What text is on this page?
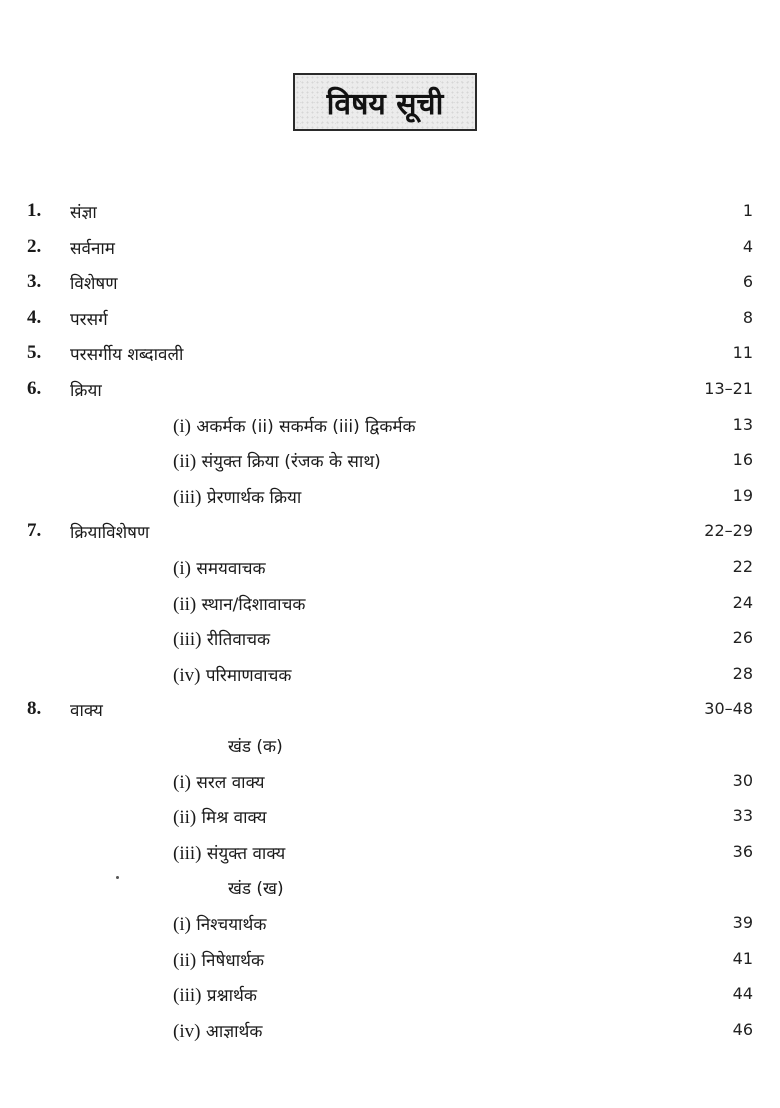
विषय सूची
1. संज्ञा	1
2. सर्वनाम	4
3. विशेषण	6
4. परसर्ग	8
5. परसर्गीय शब्दावली	11
6. क्रिया	13–21
(i) अकर्मक (ii) सकर्मक (iii) द्विकर्मक	13
(ii) संयुक्त क्रिया (रंजक के साथ)	16
(iii) प्रेरणार्थक क्रिया	19
7. क्रियाविशेषण	22–29
(i) समयवाचक	22
(ii) स्थान/दिशावाचक	24
(iii) रीतिवाचक	26
(iv) परिमाणवाचक	28
8. वाक्य	30–48
खंड (क)
(i) सरल वाक्य	30
(ii) मिश्र वाक्य	33
(iii) संयुक्त वाक्य	36
खंड (ख)
(i) निश्चयार्थक	39
(ii) निषेधार्थक	41
(iii) प्रश्नार्थक	44
(iv) आज्ञार्थक	46
